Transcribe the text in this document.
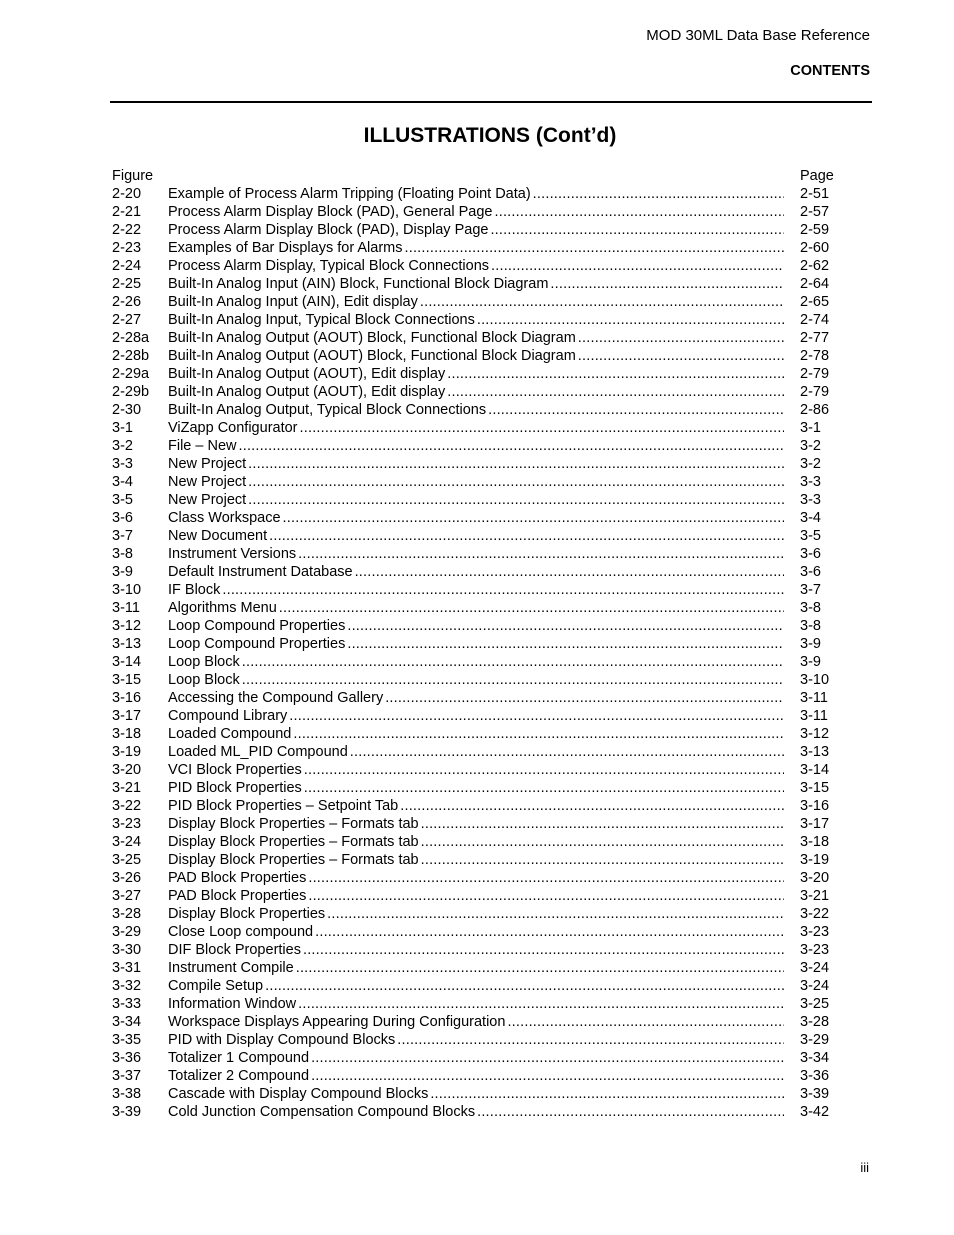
MOD 30ML Data Base Reference
CONTENTS
ILLUSTRATIONS (Cont’d)
Figure	Page
2-20	Example of Process Alarm Tripping (Floating Point Data) .....	2-51
2-21	Process Alarm Display Block (PAD), General Page .....	2-57
2-22	Process Alarm Display Block (PAD), Display Page .....	2-59
2-23	Examples of Bar Displays for Alarms .....	2-60
2-24	Process Alarm Display, Typical Block Connections .....	2-62
2-25	Built-In Analog Input (AIN) Block, Functional Block Diagram .....	2-64
2-26	Built-In Analog Input (AIN), Edit display .....	2-65
2-27	Built-In Analog Input, Typical Block Connections .....	2-74
2-28a	Built-In Analog Output (AOUT) Block, Functional Block Diagram .....	2-77
2-28b	Built-In Analog Output (AOUT) Block, Functional Block Diagram .....	2-78
2-29a	Built-In Analog Output (AOUT), Edit display .....	2-79
2-29b	Built-In Analog Output (AOUT), Edit display .....	2-79
2-30	Built-In Analog Output, Typical Block Connections .....	2-86
3-1	ViZapp Configurator .....	3-1
3-2	File – New .....	3-2
3-3	New Project .....	3-2
3-4	New Project .....	3-3
3-5	New Project .....	3-3
3-6	Class Workspace .....	3-4
3-7	New Document .....	3-5
3-8	Instrument Versions .....	3-6
3-9	Default Instrument Database .....	3-6
3-10	IF Block .....	3-7
3-11	Algorithms Menu .....	3-8
3-12	Loop Compound Properties .....	3-8
3-13	Loop Compound Properties .....	3-9
3-14	Loop Block .....	3-9
3-15	Loop Block .....	3-10
3-16	Accessing the Compound Gallery .....	3-11
3-17	Compound Library .....	3-11
3-18	Loaded Compound .....	3-12
3-19	Loaded ML_PID Compound .....	3-13
3-20	VCI Block Properties .....	3-14
3-21	PID Block Properties .....	3-15
3-22	PID Block Properties – Setpoint Tab .....	3-16
3-23	Display Block Properties – Formats tab .....	3-17
3-24	Display Block Properties – Formats tab .....	3-18
3-25	Display Block Properties – Formats tab .....	3-19
3-26	PAD Block Properties .....	3-20
3-27	PAD Block Properties .....	3-21
3-28	Display Block Properties .....	3-22
3-29	Close Loop compound .....	3-23
3-30	DIF Block Properties .....	3-23
3-31	Instrument Compile .....	3-24
3-32	Compile Setup .....	3-24
3-33	Information Window .....	3-25
3-34	Workspace Displays Appearing During Configuration .....	3-28
3-35	PID with Display Compound Blocks .....	3-29
3-36	Totalizer 1 Compound .....	3-34
3-37	Totalizer 2 Compound .....	3-36
3-38	Cascade with Display Compound Blocks .....	3-39
3-39	Cold Junction Compensation Compound Blocks .....	3-42
iii
